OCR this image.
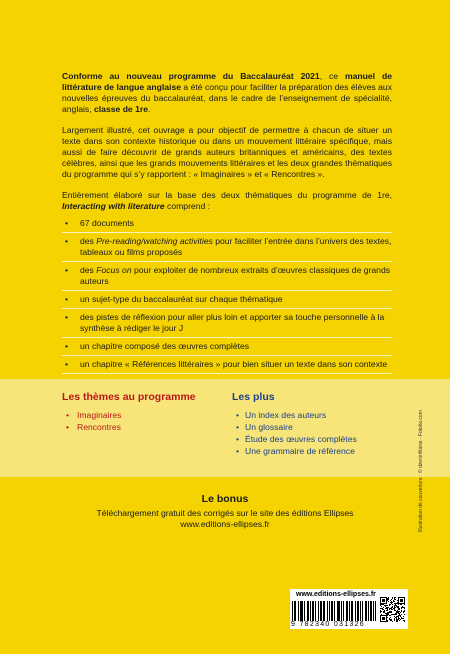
Conforme au nouveau programme du Baccalauréat 2021, ce manuel de littérature de langue anglaise a été conçu pour faciliter la préparation des élèves aux nouvelles épreuves du baccalauréat, dans le cadre de l’enseignement de spécialité, anglais, classe de 1re.

Largement illustré, cet ouvrage a pour objectif de permettre à chacun de situer un texte dans son contexte historique ou dans un mouvement littéraire spécifique, mais aussi de faire découvrir de grands auteurs britanniques et américains, des textes célèbres, ainsi que les grands mouvements littéraires et les deux grandes thématiques du programme qui s’y rapportent : « Imaginaires » et « Rencontres ».

Entièrement élaboré sur la base des deux thématiques du programme de 1re, Interacting with literature comprend :

• 67 documents
• des Pre-reading/watching activities pour faciliter l’entrée dans l’univers des textes, tableaux ou films proposés
• des Focus on pour exploiter de nombreux extraits d’œuvres classiques de grands auteurs
• un sujet-type du baccalauréat sur chaque thématique
• des pistes de réflexion pour aller plus loin et apporter sa touche personnelle à la synthèse à rédiger le jour J
• un chapitre composé des œuvres complètes
• un chapitre « Références littéraires » pour bien situer un texte dans son contexte
•
Les thèmes au programme
• Imaginaires
• Rencontres
Les plus
• Un index des auteurs
• Un glossaire
• Étude des œuvres complètes
• Une grammaire de référence
Le bonus
Téléchargement gratuit des corrigés sur le site des éditions Ellipses
www.editions-ellipses.fr	Illustration de couverture : © dzeninfilaise - Fotolia.com
www.editions-ellipses.fr
9 782340 031326
